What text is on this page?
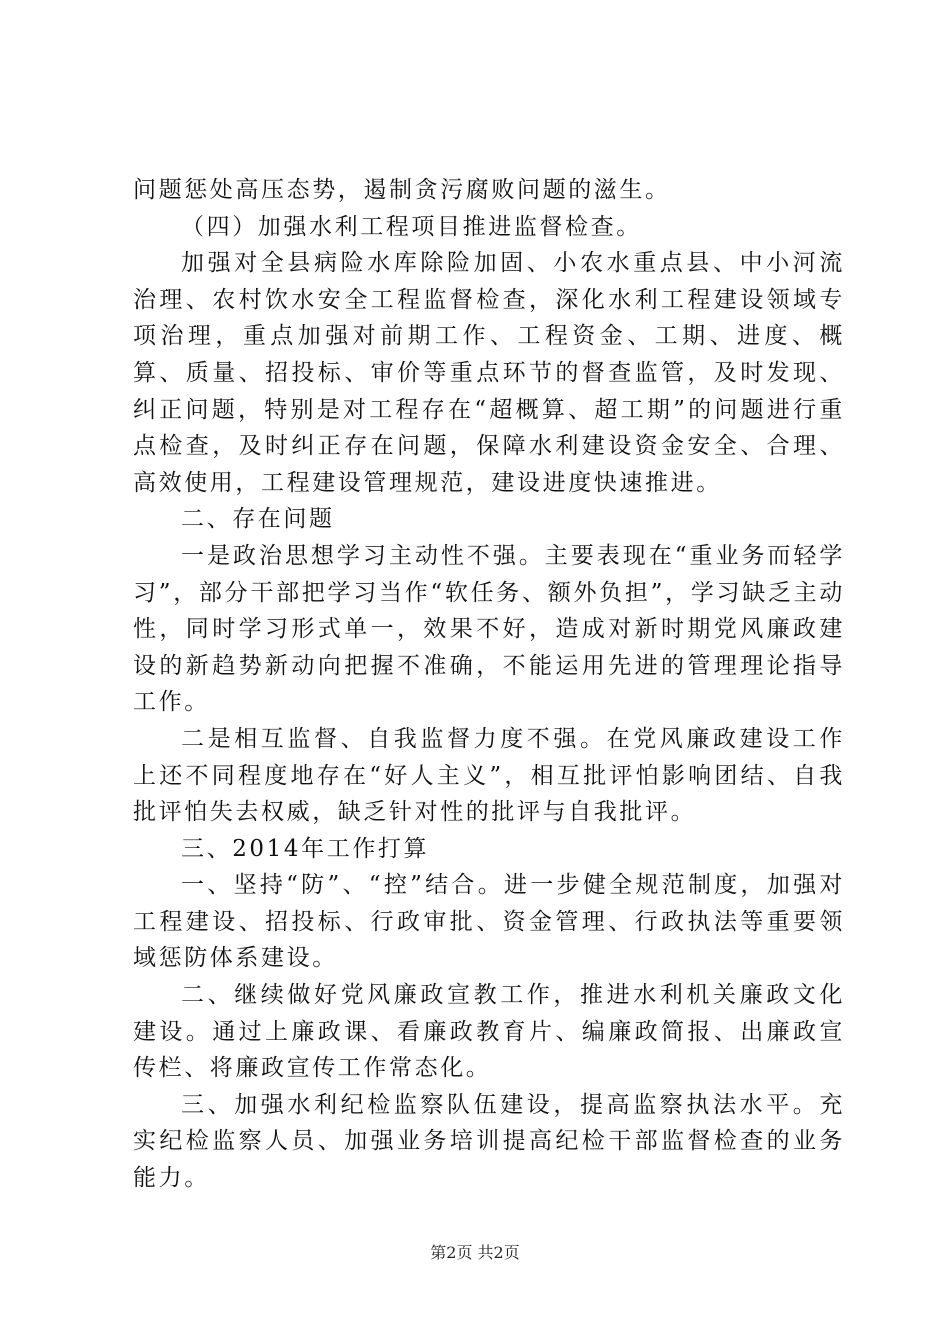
问题惩处高压态势，遏制贪污腐败问题的滋生。

（四）加强水利工程项目推进监督检查。

加强对全县病险水库除险加固、小农水重点县、中小河流治理、农村饮水安全工程监督检查，深化水利工程建设领域专项治理，重点加强对前期工作、工程资金、工期、进度、概算、质量、招投标、审价等重点环节的督查监管，及时发现、纠正问题，特别是对工程存在“超概算、超工期”的问题进行重点检查，及时纠正存在问题，保障水利建设资金安全、合理、高效使用，工程建设管理规范，建设进度快速推进。

二、存在问题

一是政治思想学习主动性不强。主要表现在“重业务而轻学习”，部分干部把学习当作“软任务、额外负担”，学习缺乏主动性，同时学习形式单一，效果不好，造成对新时期党风廉政建设的新趋势新动向把握不准确，不能运用先进的管理理论指导工作。

二是相互监督、自我监督力度不强。在党风廉政建设工作上还不同程度地存在“好人主义”，相互批评怕影响团结、自我批评怕失去权威，缺乏针对性的批评与自我批评。

三、2014年工作打算

一、坚持“防”、“控”结合。进一步健全规范制度，加强对工程建设、招投标、行政审批、资金管理、行政执法等重要领域惩防体系建设。

二、继续做好党风廉政宣教工作，推进水利机关廉政文化建设。通过上廉政课、看廉政教育片、编廉政简报、出廉政宣传栏、将廉政宣传工作常态化。

三、加强水利纪检监察队伍建设，提高监察执法水平。充实纪检监察人员、加强业务培训提高纪检干部监督检查的业务能力。

第2页 共2页
